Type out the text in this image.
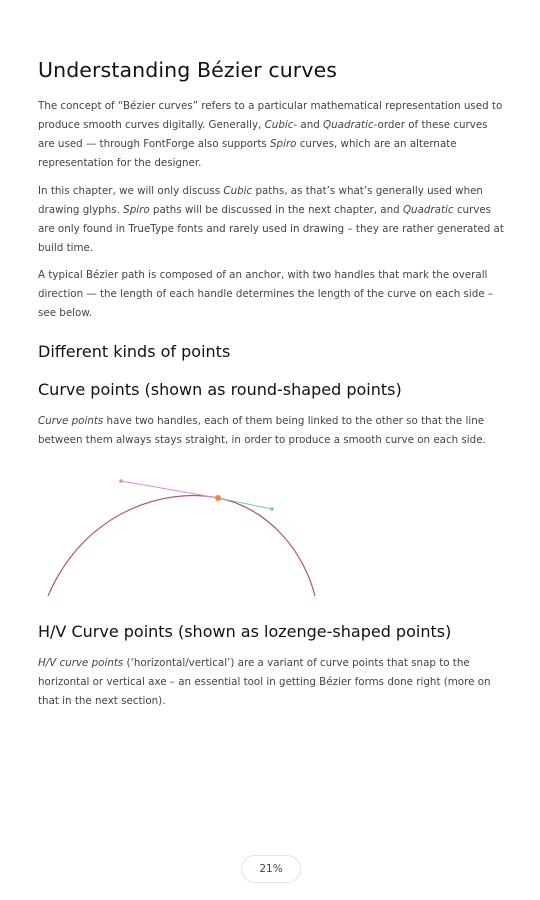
Understanding Bézier curves

The concept of “Bézier curves” refers to a particular mathematical representation used to produce smooth curves digitally. Generally, Cubic- and Quadratic-order of these curves are used — through FontForge also supports Spiro curves, which are an alternate representation for the designer.

In this chapter, we will only discuss Cubic paths, as that’s what’s generally used when drawing glyphs. Spiro paths will be discussed in the next chapter, and Quadratic curves are only found in TrueType fonts and rarely used in drawing – they are rather generated at build time.

A typical Bézier path is composed of an anchor, with two handles that mark the overall direction — the length of each handle determines the length of the curve on each side – see below.

Different kinds of points
Curve points (shown as round-shaped points)

Curve points have two handles, each of them being linked to the other so that the line between them always stays straight, in order to produce a smooth curve on each side.

H/V Curve points (shown as lozenge-shaped points)

H/V curve points (‘horizontal/vertical’) are a variant of curve points that snap to the horizontal or vertical axe – an essential tool in getting Bézier forms done right (more on that in the next section).

21%
